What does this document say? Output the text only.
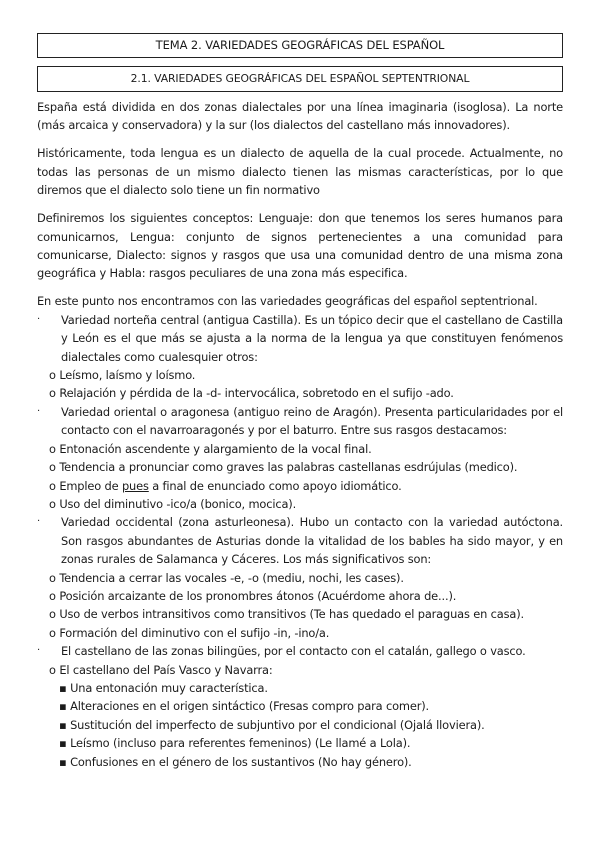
TEMA 2. VARIEDADES GEOGRÁFICAS DEL ESPAÑOL
2.1. VARIEDADES GEOGRÁFICAS DEL ESPAÑOL SEPTENTRIONAL

España está dividida en dos zonas dialectales por una línea imaginaria (isoglosa). La norte (más arcaica y conservadora) y la sur (los dialectos del castellano más innovadores).

Históricamente, toda lengua es un dialecto de aquella de la cual procede. Actualmente, no todas las personas de un mismo dialecto tienen las mismas características, por lo que diremos que el dialecto solo tiene un fin normativo

Definiremos los siguientes conceptos: Lenguaje: don que tenemos los seres humanos para comunicarnos, Lengua: conjunto de signos pertenecientes a una comunidad para comunicarse, Dialecto: signos y rasgos que usa una comunidad dentro de una misma zona geográfica y Habla: rasgos peculiares de una zona más especifica.

En este punto nos encontramos con las variedades geográficas del español septentrional.
·	Variedad norteña central (antigua Castilla). Es un tópico decir que el castellano de Castilla y León es el que más se ajusta a la norma de la lengua ya que constituyen fenómenos dialectales como cualesquier otros:
o Leísmo, laísmo y loísmo.
o Relajación y pérdida de la -d- intervocálica, sobretodo en el sufijo -ado.
·	Variedad oriental o aragonesa (antiguo reino de Aragón). Presenta particularidades por el contacto con el navarroaragonés y por el baturro. Entre sus rasgos destacamos:
o Entonación ascendente y alargamiento de la vocal final.
o Tendencia a pronunciar como graves las palabras castellanas esdrújulas (medico).
o Empleo de pues a final de enunciado como apoyo idiomático.
o Uso del diminutivo -ico/a (bonico, mocica).
·	Variedad occidental (zona asturleonesa). Hubo un contacto con la variedad autóctona. Son rasgos abundantes de Asturias donde la vitalidad de los bables ha sido mayor, y en zonas rurales de Salamanca y Cáceres. Los más significativos son:
o Tendencia a cerrar las vocales -e, -o (mediu, nochi, les cases).
o Posición arcaizante de los pronombres átonos (Acuérdome ahora de...).
o Uso de verbos intransitivos como transitivos (Te has quedado el paraguas en casa).
o Formación del diminutivo con el sufijo -in, -ino/a.
·	El castellano de las zonas bilingües, por el contacto con el catalán, gallego o vasco.
o El castellano del País Vasco y Navarra:
▪ Una entonación muy característica.
▪ Alteraciones en el origen sintáctico (Fresas compro para comer).
▪ Sustitución del imperfecto de subjuntivo por el condicional (Ojalá lloviera).
▪ Leísmo (incluso para referentes femeninos) (Le llamé a Lola).
▪ Confusiones en el género de los sustantivos (No hay género).
